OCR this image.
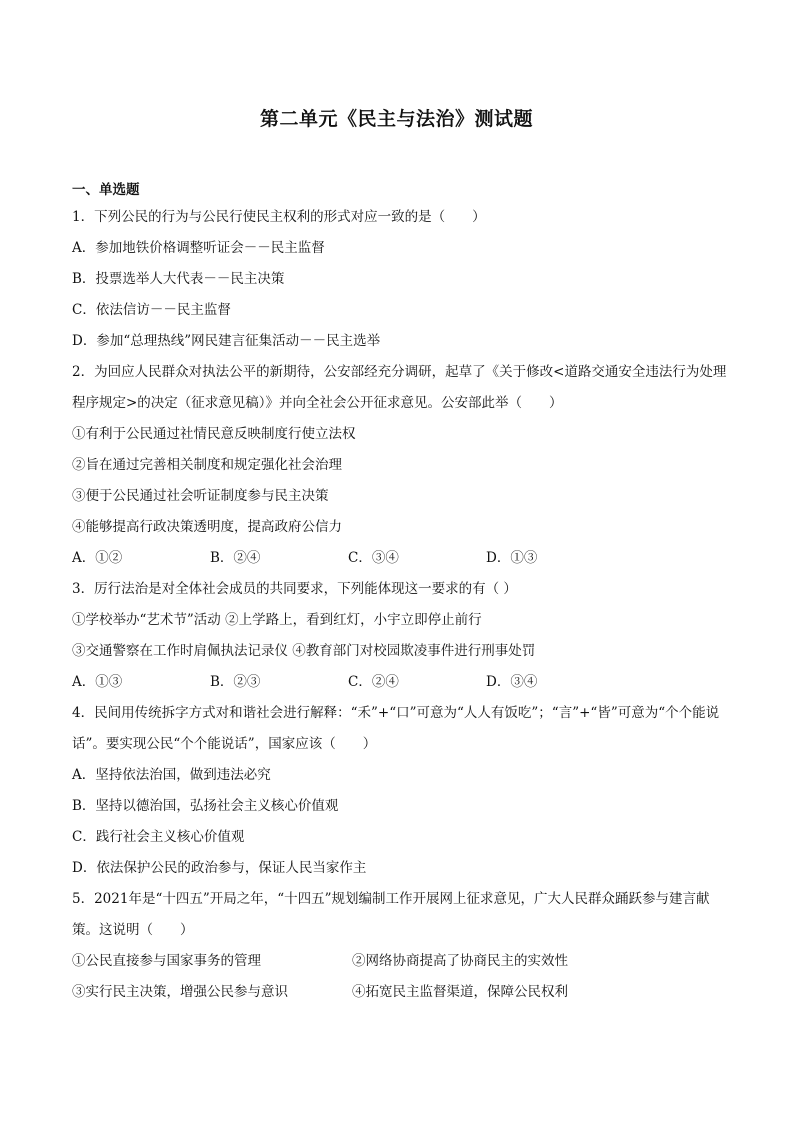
第二单元《民主与法治》测试题
一、单选题
1．下列公民的行为与公民行使民主权利的形式对应一致的是（　　）
A．参加地铁价格调整听证会－－民主监督
B．投票选举人大代表－－民主决策
C．依法信访－－民主监督
D．参加“总理热线”网民建言征集活动－－民主选举
2．为回应人民群众对执法公平的新期待，公安部经充分调研，起草了《关于修改<道路交通安全违法行为处理程序规定>的决定（征求意见稿）》并向全社会公开征求意见。公安部此举（　　）
①有利于公民通过社情民意反映制度行使立法权
②旨在通过完善相关制度和规定强化社会治理
③便于公民通过社会听证制度参与民主决策
④能够提高行政决策透明度，提高政府公信力
A．①②	B．②④	C．③④	D．①③
3．厉行法治是对全体社会成员的共同要求，下列能体现这一要求的有（ ）
①学校举办“艺术节”活动 ②上学路上，看到红灯，小宇立即停止前行
③交通警察在工作时肩佩执法记录仪 ④教育部门对校园欺凌事件进行刑事处罚
A．①③	B．②③	C．②④	D．③④
4．民间用传统拆字方式对和谐社会进行解释：“禾”+“口”可意为“人人有饭吃”；“言”+“皆”可意为“个个能说话”。要实现公民“个个能说话”，国家应该（　　）
A．坚持依法治国，做到违法必究
B．坚持以德治国，弘扬社会主义核心价值观
C．践行社会主义核心价值观
D．依法保护公民的政治参与，保证人民当家作主
5．2021年是“十四五”开局之年，“十四五”规划编制工作开展网上征求意见，广大人民群众踊跃参与建言献策。这说明（　　）
①公民直接参与国家事务的管理	②网络协商提高了协商民主的实效性
③实行民主决策，增强公民参与意识	④拓宽民主监督渠道，保障公民权利
